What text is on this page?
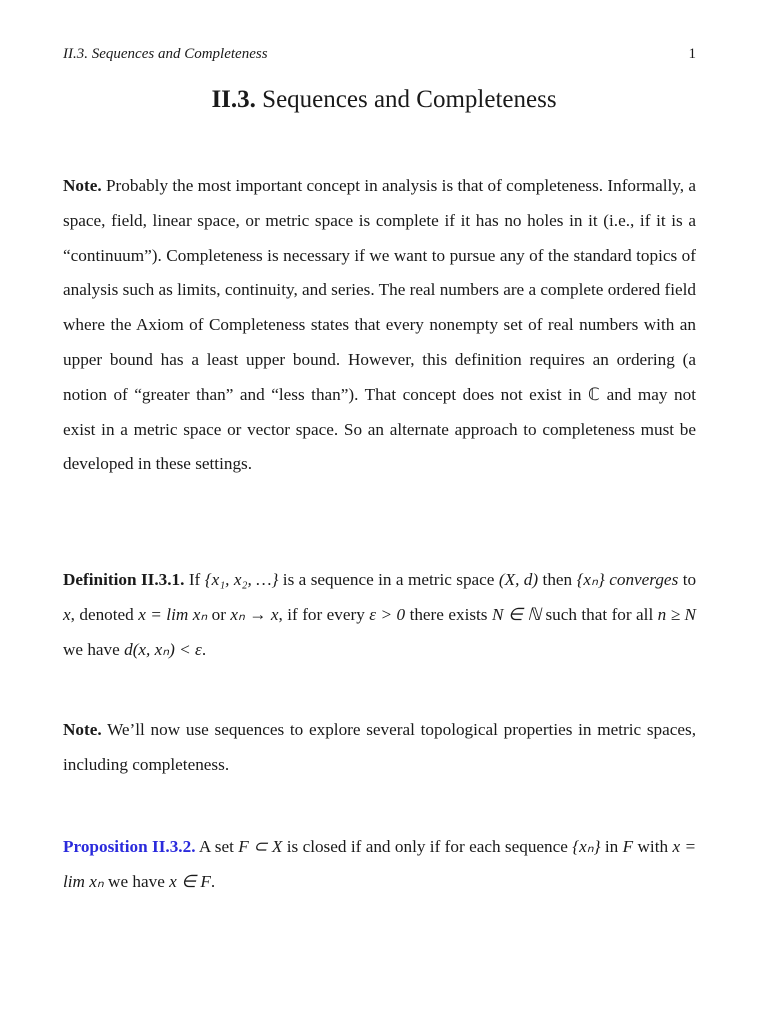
II.3. Sequences and Completeness	1
II.3. Sequences and Completeness
Note. Probably the most important concept in analysis is that of completeness. Informally, a space, field, linear space, or metric space is complete if it has no holes in it (i.e., if it is a “continuum”). Completeness is necessary if we want to pursue any of the standard topics of analysis such as limits, continuity, and series. The real numbers are a complete ordered field where the Axiom of Completeness states that every nonempty set of real numbers with an upper bound has a least upper bound. However, this definition requires an ordering (a notion of “greater than” and “less than”). That concept does not exist in ℂ and may not exist in a metric space or vector space. So an alternate approach to completeness must be developed in these settings.
Definition II.3.1. If {x₁, x₂, …} is a sequence in a metric space (X, d) then {xₙ} converges to x, denoted x = lim xₙ or xₙ → x, if for every ε > 0 there exists N ∈ ℕ such that for all n ≥ N we have d(x, xₙ) < ε.
Note. We’ll now use sequences to explore several topological properties in metric spaces, including completeness.
Proposition II.3.2. A set F ⊂ X is closed if and only if for each sequence {xₙ} in F with x = lim xₙ we have x ∈ F.
